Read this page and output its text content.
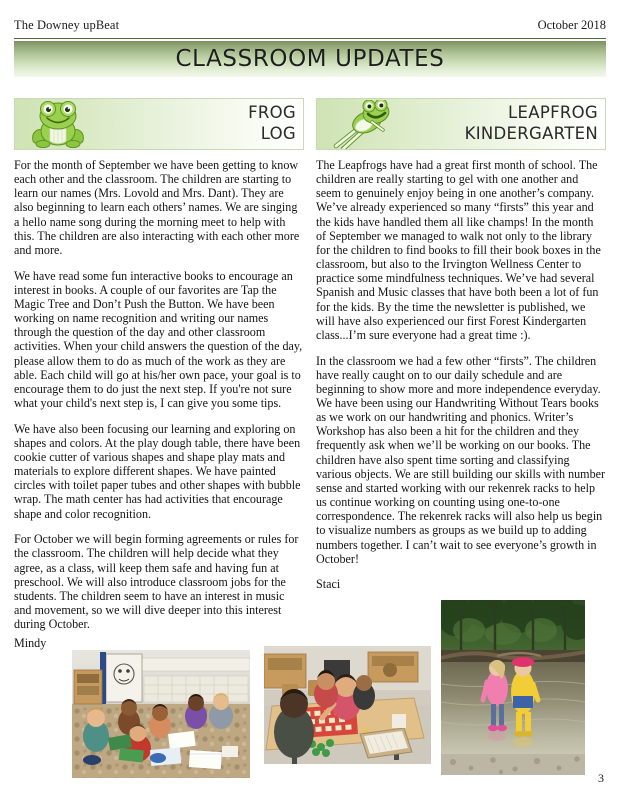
The Downey upBeat	October 2018
CLASSROOM UPDATES
FROG
LOG

For the month of September we have been getting to know each other and the classroom. The children are starting to learn our names (Mrs. Lovold and Mrs. Dant). They are also beginning to learn each others’ names. We are singing a hello name song during the morning meet to help with this. The children are also interacting with each other more and more.

We have read some fun interactive books to encourage an interest in books. A couple of our favorites are Tap the Magic Tree and Don’t Push the Button. We have been working on name recognition and writing our names through the question of the day and other classroom activities. When your child answers the question of the day, please allow them to do as much of the work as they are able. Each child will go at his/her own pace, your goal is to encourage them to do just the next step. If you're not sure what your child's next step is, I can give you some tips.

We have also been focusing our learning and exploring on shapes and colors. At the play dough table, there have been cookie cutter of various shapes and shape play mats and materials to explore different shapes. We have painted circles with toilet paper tubes and other shapes with bubble wrap. The math center has had activities that encourage shape and color recognition.

For October we will begin forming agreements or rules for the classroom. The children will help decide what they agree, as a class, will keep them safe and having fun at preschool. We will also introduce classroom jobs for the students. The children seem to have an interest in music and movement, so we will dive deeper into this interest during October.

Mindy

LEAPFROG
KINDERGARTEN

The Leapfrogs have had a great first month of school. The children are really starting to gel with one another and seem to genuinely enjoy being in one another’s company. We’ve already experienced so many “firsts” this year and the kids have handled them all like champs! In the month of September we managed to walk not only to the library for the children to find books to fill their book boxes in the classroom, but also to the Irvington Wellness Center to practice some mindfulness techniques. We’ve had several Spanish and Music classes that have both been a lot of fun for the kids. By the time the newsletter is published, we will have also experienced our first Forest Kindergarten class...I’m sure everyone had a great time :).

In the classroom we had a few other “firsts”. The children have really caught on to our daily schedule and are beginning to show more and more independence everyday. We have been using our Handwriting Without Tears books as we work on our handwriting and phonics. Writer’s Workshop has also been a hit for the children and they frequently ask when we’ll be working on our books. The children have also spent time sorting and classifying various objects. We are still building our skills with number sense and started working with our rekenrek racks to help us continue working on counting using one-to-one correspondence. The rekenrek racks will also help us begin to visualize numbers as groups as we build up to adding numbers together. I can’t wait to see everyone’s growth in October!

Staci

3
